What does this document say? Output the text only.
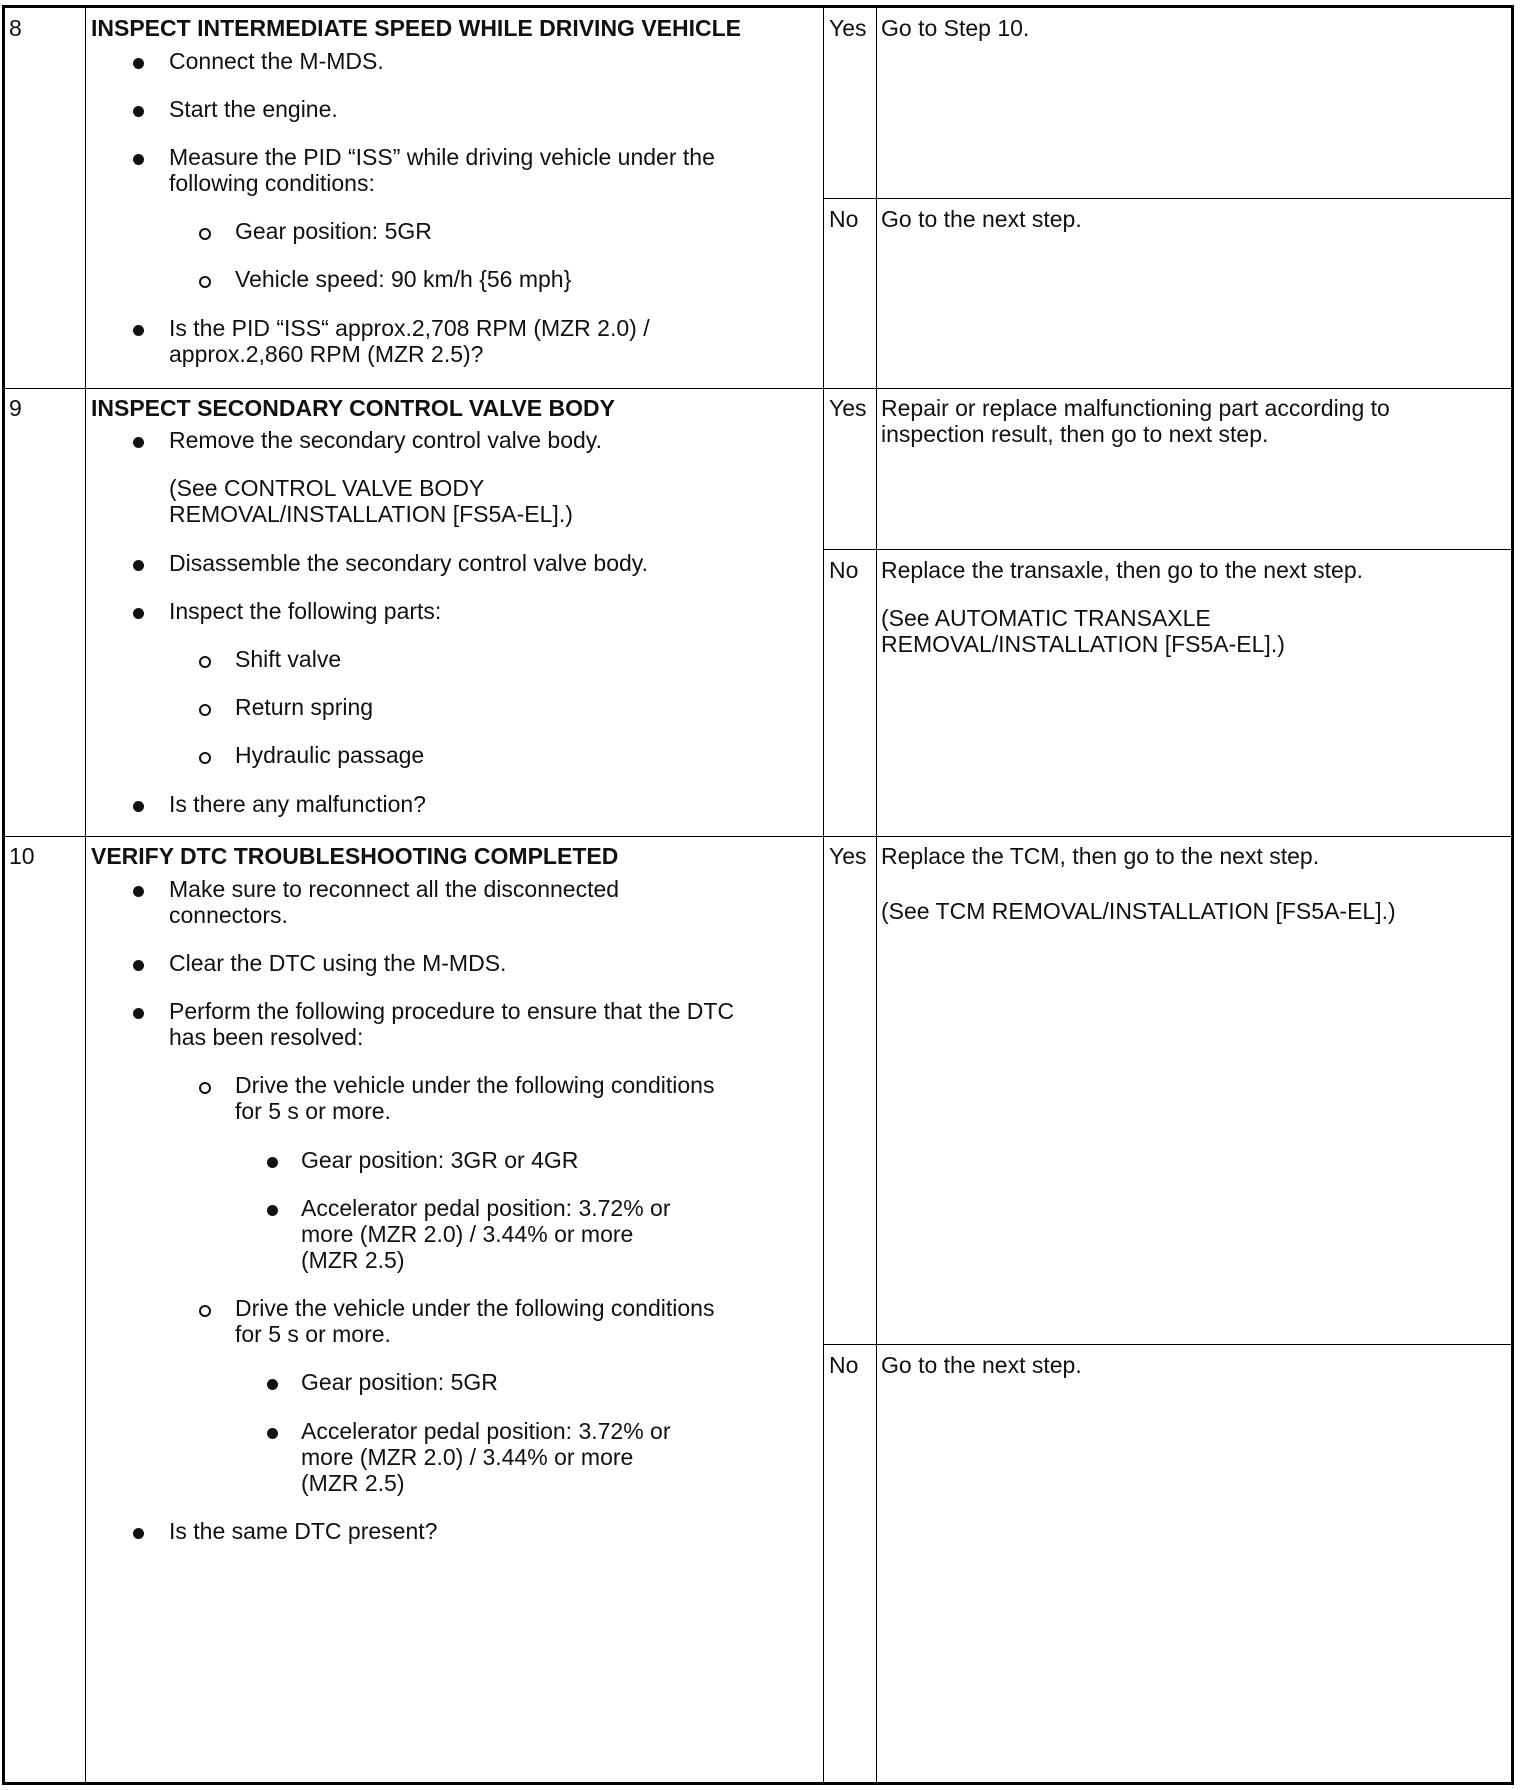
8	INSPECT INTERMEDIATE SPEED WHILE DRIVING VEHICLE
Connect the M-MDS.
Start the engine.
Measure the PID “ISS” while driving vehicle under the
following conditions:
Gear position: 5GR
Vehicle speed: 90 km/h {56 mph}
Is the PID “ISS“ approx.2,708 RPM (MZR 2.0) /
approx.2,860 RPM (MZR 2.5)?
Yes Go to Step 10.
No Go to the next step.
9	INSPECT SECONDARY CONTROL VALVE BODY
Remove the secondary control valve body.
(See CONTROL VALVE BODY
REMOVAL/INSTALLATION [FS5A-EL].)
Disassemble the secondary control valve body.
Inspect the following parts:
Shift valve
Return spring
Hydraulic passage
Is there any malfunction?
Yes Repair or replace malfunctioning part according to
inspection result, then go to next step.
No Replace the transaxle, then go to the next step.
(See AUTOMATIC TRANSAXLE
REMOVAL/INSTALLATION [FS5A-EL].)
10 VERIFY DTC TROUBLESHOOTING COMPLETED
Make sure to reconnect all the disconnected
connectors.
Clear the DTC using the M-MDS.
Perform the following procedure to ensure that the DTC
has been resolved:
Drive the vehicle under the following conditions
for 5 s or more.
Gear position: 3GR or 4GR
Accelerator pedal position: 3.72% or
more (MZR 2.0) / 3.44% or more
(MZR 2.5)
Drive the vehicle under the following conditions
for 5 s or more.
Gear position: 5GR
Accelerator pedal position: 3.72% or
more (MZR 2.0) / 3.44% or more
(MZR 2.5)
Is the same DTC present?
Yes Replace the TCM, then go to the next step.
(See TCM REMOVAL/INSTALLATION [FS5A-EL].)
No Go to the next step.
